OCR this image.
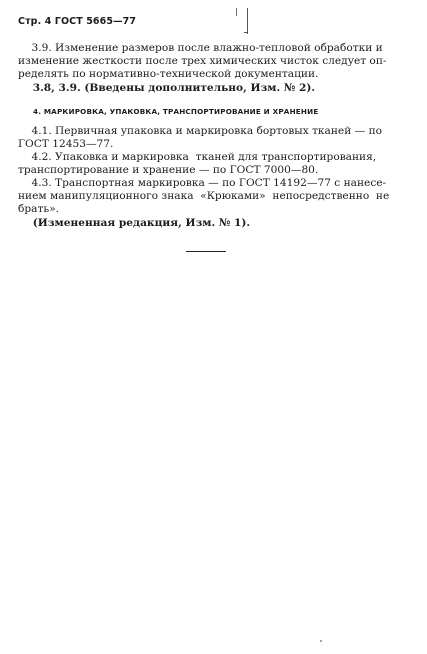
Стр. 4 ГОСТ 5665—77
3.9. Изменение размеров после влажно-тепловой обработки и
изменение жесткости после трех химических чисток следует оп-
ределять по нормативно-технической документации.
3.8, 3.9. (Введены дополнительно, Изм. № 2).
4. МАРКИРОВКА, УПАКОВКА, ТРАНСПОРТИРОВАНИЕ И ХРАНЕНИЕ
4.1. Первичная упаковка и маркировка бортовых тканей — по
ГОСТ 12453—77.
4.2. Упаковка и маркировка  тканей для транспортирования,
транспортирование и хранение — по ГОСТ 7000—80.
4.3. Транспортная маркировка — по ГОСТ 14192—77 с нанесе-
нием манипуляционного знака  «Крюками»  непосредственно  не
брать».
(Измененная редакция, Изм. № 1).
